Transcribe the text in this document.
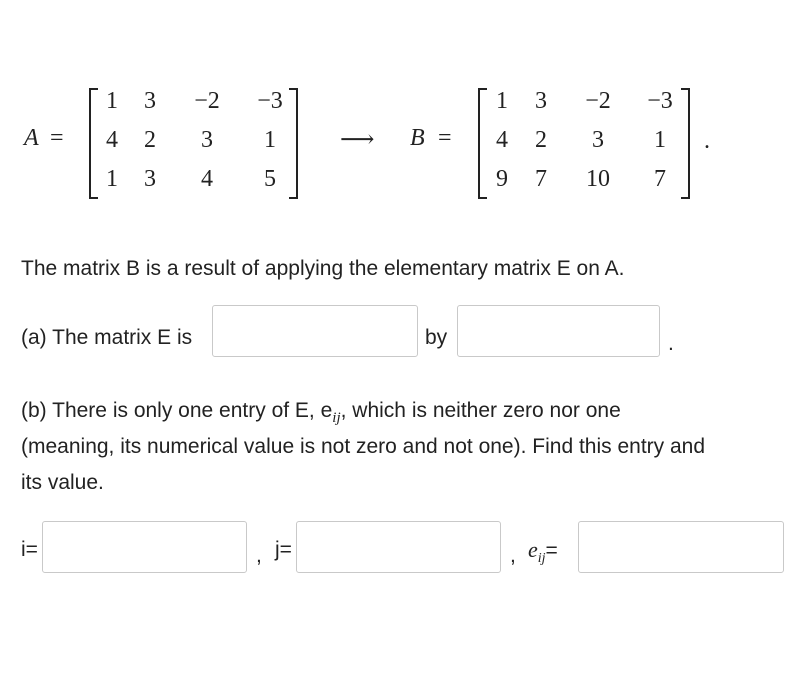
A =
1	3	−2	−3
4	2	3	1
1	3	4	5
⟶ B =
1	3	−2	−3
4	2	3	1
9	7	10	7
.
The matrix B is a result of applying the elementary matrix E on A.
(a) The matrix E is	by	.
(b) There is only one entry of E, $e_{ij}$, which is neither zero nor one
(meaning, its numerical value is not zero and not one). Find this entry and
its value.
i=	, j=	, $e_{ij}=$
